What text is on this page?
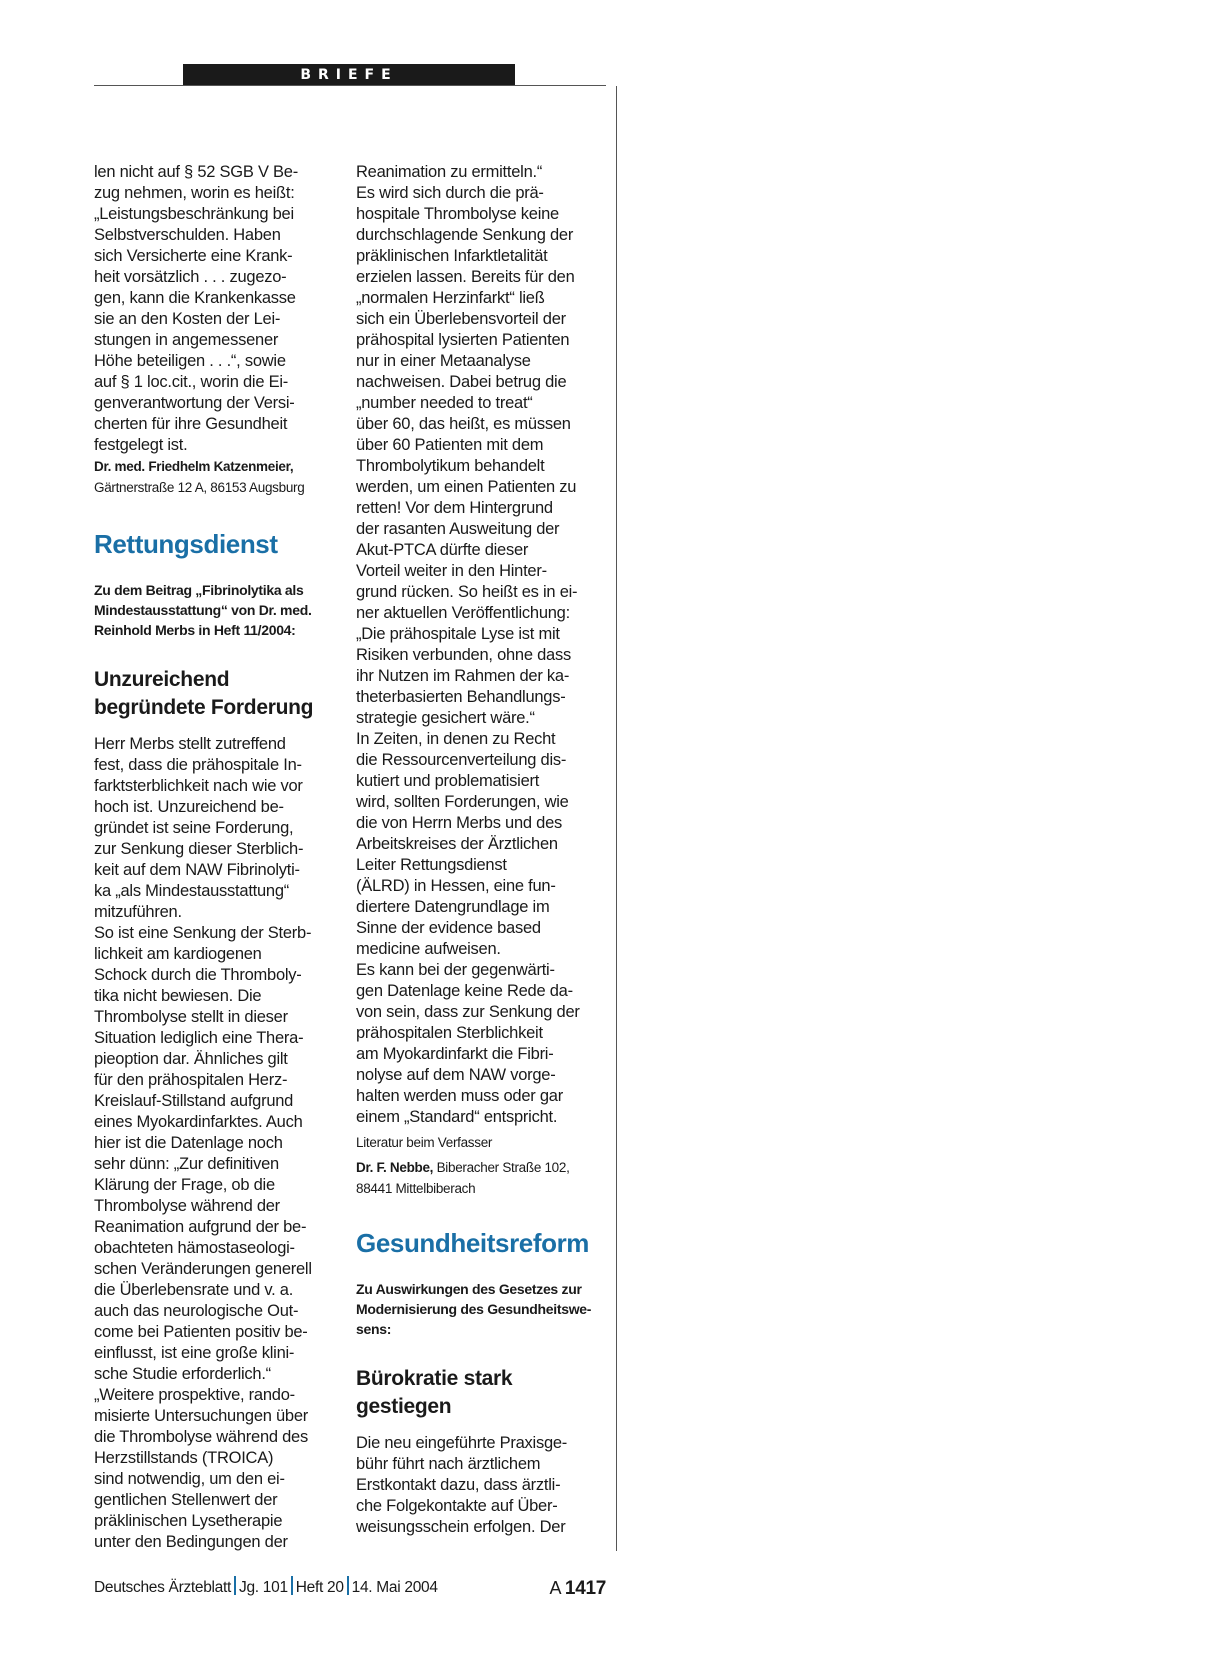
BRIEFE

len nicht auf § 52 SGB V Be-
zug nehmen, worin es heißt:
„Leistungsbeschränkung bei
Selbstverschulden. Haben
sich Versicherte eine Krank-
heit vorsätzlich . . . zugezo-
gen, kann die Krankenkasse
sie an den Kosten der Lei-
stungen in angemessener
Höhe beteiligen . . .“, sowie
auf § 1 loc.cit., worin die Ei-
genverantwortung der Versi-
cherten für ihre Gesundheit
festgelegt ist.

Dr. med. Friedhelm Katzenmeier,

Gärtnerstraße 12 A, 86153 Augsburg

Rettungsdienst

Zu dem Beitrag „Fibrinolytika als
Mindestausstattung“ von Dr. med.
Reinhold Merbs in Heft 11/2004:

Unzureichend
begründete Forderung

Herr Merbs stellt zutreffend
fest, dass die prähospitale In-
farktsterblichkeit nach wie vor
hoch ist. Unzureichend be-
gründet ist seine Forderung,
zur Senkung dieser Sterblich-
keit auf dem NAW Fibrinolyti-
ka „als Mindestausstattung“
mitzuführen.

So ist eine Senkung der Sterb-
lichkeit am kardiogenen
Schock durch die Thromboly-
tika nicht bewiesen. Die
Thrombolyse stellt in dieser
Situation lediglich eine Thera-
pieoption dar. Ähnliches gilt
für den prähospitalen Herz-
Kreislauf-Stillstand aufgrund
eines Myokardinfarktes. Auch
hier ist die Datenlage noch
sehr dünn: „Zur definitiven
Klärung der Frage, ob die
Thrombolyse während der
Reanimation aufgrund der be-
obachteten hämostaseologi-
schen Veränderungen generell
die Überlebensrate und v. a.
auch das neurologische Out-
come bei Patienten positiv be-
einflusst, ist eine große klini-
sche Studie erforderlich.“

„Weitere prospektive, rando-
misierte Untersuchungen über
die Thrombolyse während des
Herzstillstands (TROICA)
sind notwendig, um den ei-
gentlichen Stellenwert der
präklinischen Lysetherapie
unter den Bedingungen der

Reanimation zu ermitteln.“

Es wird sich durch die prä-
hospitale Thrombolyse keine
durchschlagende Senkung der
präklinischen Infarktletalität
erzielen lassen. Bereits für den
„normalen Herzinfarkt“ ließ
sich ein Überlebensvorteil der
prähospital lysierten Patienten
nur in einer Metaanalyse
nachweisen. Dabei betrug die
„number needed to treat“
über 60, das heißt, es müssen
über 60 Patienten mit dem
Thrombolytikum behandelt
werden, um einen Patienten zu
retten! Vor dem Hintergrund
der rasanten Ausweitung der
Akut-PTCA dürfte dieser
Vorteil weiter in den Hinter-
grund rücken. So heißt es in ei-
ner aktuellen Veröffentlichung:
„Die prähospitale Lyse ist mit
Risiken verbunden, ohne dass
ihr Nutzen im Rahmen der ka-
theterbasierten Behandlungs-
strategie gesichert wäre.“

In Zeiten, in denen zu Recht
die Ressourcenverteilung dis-
kutiert und problematisiert
wird, sollten Forderungen, wie
die von Herrn Merbs und des
Arbeitskreises der Ärztlichen
Leiter Rettungsdienst
(ÄLRD) in Hessen, eine fun-
diertere Datengrundlage im
Sinne der evidence based
medicine aufweisen.

Es kann bei der gegenwärti-
gen Datenlage keine Rede da-
von sein, dass zur Senkung der
prähospitalen Sterblichkeit
am Myokardinfarkt die Fibri-
nolyse auf dem NAW vorge-
halten werden muss oder gar
einem „Standard“ entspricht.

Literatur beim Verfasser

Dr. F. Nebbe, Biberacher Straße 102,

88441 Mittelbiberach

Gesundheitsreform

Zu Auswirkungen des Gesetzes zur
Modernisierung des Gesundheitswe-
sens:

Bürokratie stark
gestiegen

Die neu eingeführte Praxisge-
bühr führt nach ärztlichem
Erstkontakt dazu, dass ärztli-
che Folgekontakte auf Über-
weisungsschein erfolgen. Der

Deutsches Ärzteblatt Jg. 101 Heft 20 14. Mai 2004	A 1417
